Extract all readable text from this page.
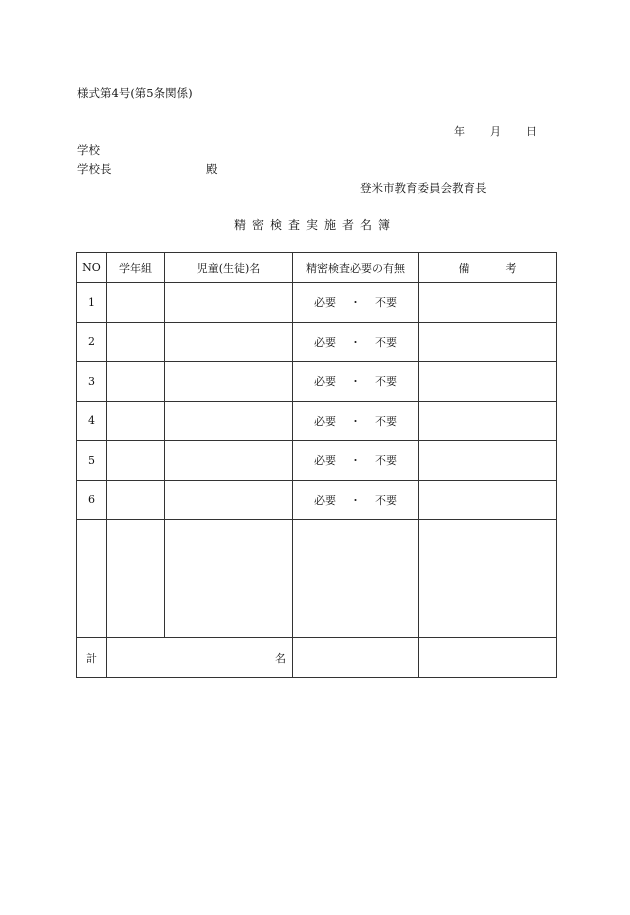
様式第4号(第5条関係)
年 月 日
学校
学校長	殿
登米市教育委員会教育長
精密検査実施者名簿
NO	学年組	児童(生徒)名	精密検査必要の有無	備 考
1			必要 ・ 不要	
2			必要 ・ 不要	
3			必要 ・ 不要	
4			必要 ・ 不要	
5			必要 ・ 不要	
6			必要 ・ 不要	

計	名			
